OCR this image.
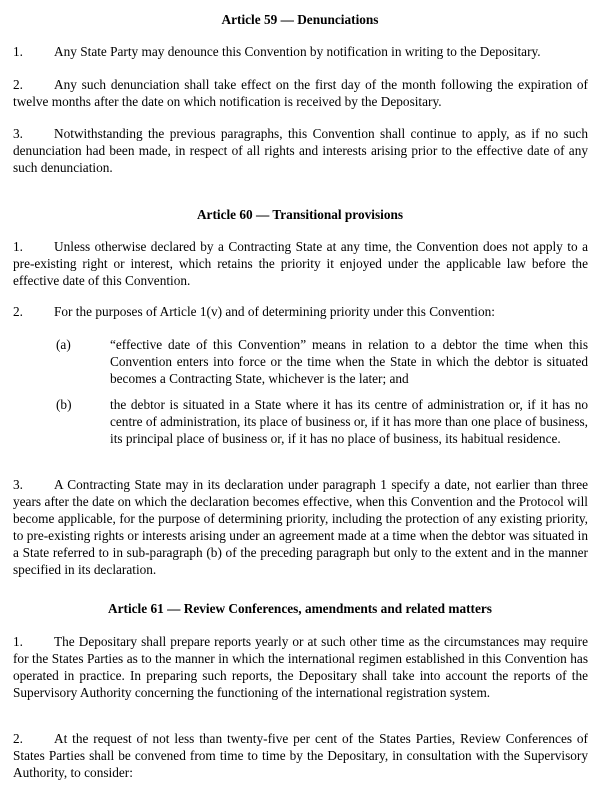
Article 59 — Denunciations

1. Any State Party may denounce this Convention by notification in writing to the Depositary.

2. Any such denunciation shall take effect on the first day of the month following the expiration of twelve months after the date on which notification is received by the Depositary.

3. Notwithstanding the previous paragraphs, this Convention shall continue to apply, as if no such denunciation had been made, in respect of all rights and interests arising prior to the effective date of any such denunciation.

Article 60 — Transitional provisions

1. Unless otherwise declared by a Contracting State at any time, the Convention does not apply to a pre-existing right or interest, which retains the priority it enjoyed under the applicable law before the effective date of this Convention.

2. For the purposes of Article 1(v) and of determining priority under this Convention:

(a)	“effective date of this Convention” means in relation to a debtor the time when this Convention enters into force or the time when the State in which the debtor is situated becomes a Contracting State, whichever is the later; and
(b)	the debtor is situated in a State where it has its centre of administration or, if it has no centre of administration, its place of business or, if it has more than one place of business, its principal place of business or, if it has no place of business, its habitual residence.

3. A Contracting State may in its declaration under paragraph 1 specify a date, not earlier than three years after the date on which the declaration becomes effective, when this Convention and the Protocol will become applicable, for the purpose of determining priority, including the protection of any existing priority, to pre-existing rights or interests arising under an agreement made at a time when the debtor was situated in a State referred to in sub-paragraph (b) of the preceding paragraph but only to the extent and in the manner specified in its declaration.

Article 61 — Review Conferences, amendments and related matters

1. The Depositary shall prepare reports yearly or at such other time as the circumstances may require for the States Parties as to the manner in which the international regimen established in this Convention has operated in practice. In preparing such reports, the Depositary shall take into account the reports of the Supervisory Authority concerning the functioning of the international registration system.

2. At the request of not less than twenty-five per cent of the States Parties, Review Conferences of States Parties shall be convened from time to time by the Depositary, in consultation with the Supervisory Authority, to consider:
